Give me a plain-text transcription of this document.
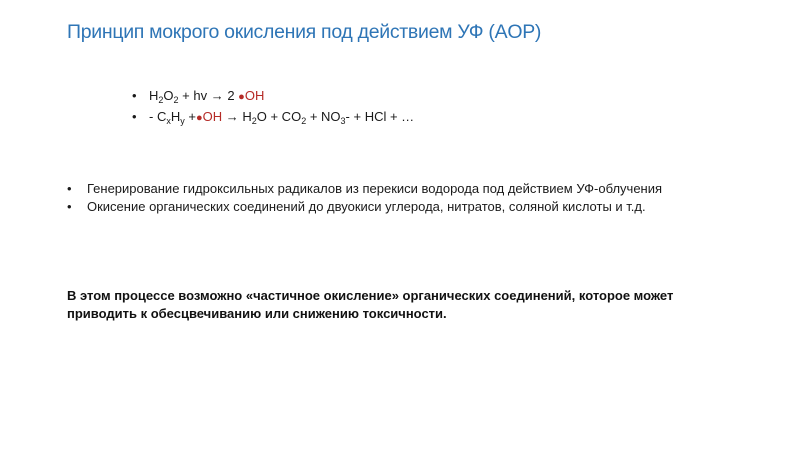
Принцип мокрого окисления под действием УФ (AOP)
• $H_2O_2$ + hv → 2 ●OH
• - $C_xH_y$ +●OH → $H_2O + CO_2 + NO_3-$ + HCl + …
• Генерирование гидроксильных радикалов из перекиси водорода под действием УФ-облучения
• Окисение органических соединений до двуокиси углерода, нитратов, соляной кислоты и т.д.
В этом процессе возможно «частичное окисление» органических соединений, которое может приводить к обесцвечиванию или снижению токсичности.
